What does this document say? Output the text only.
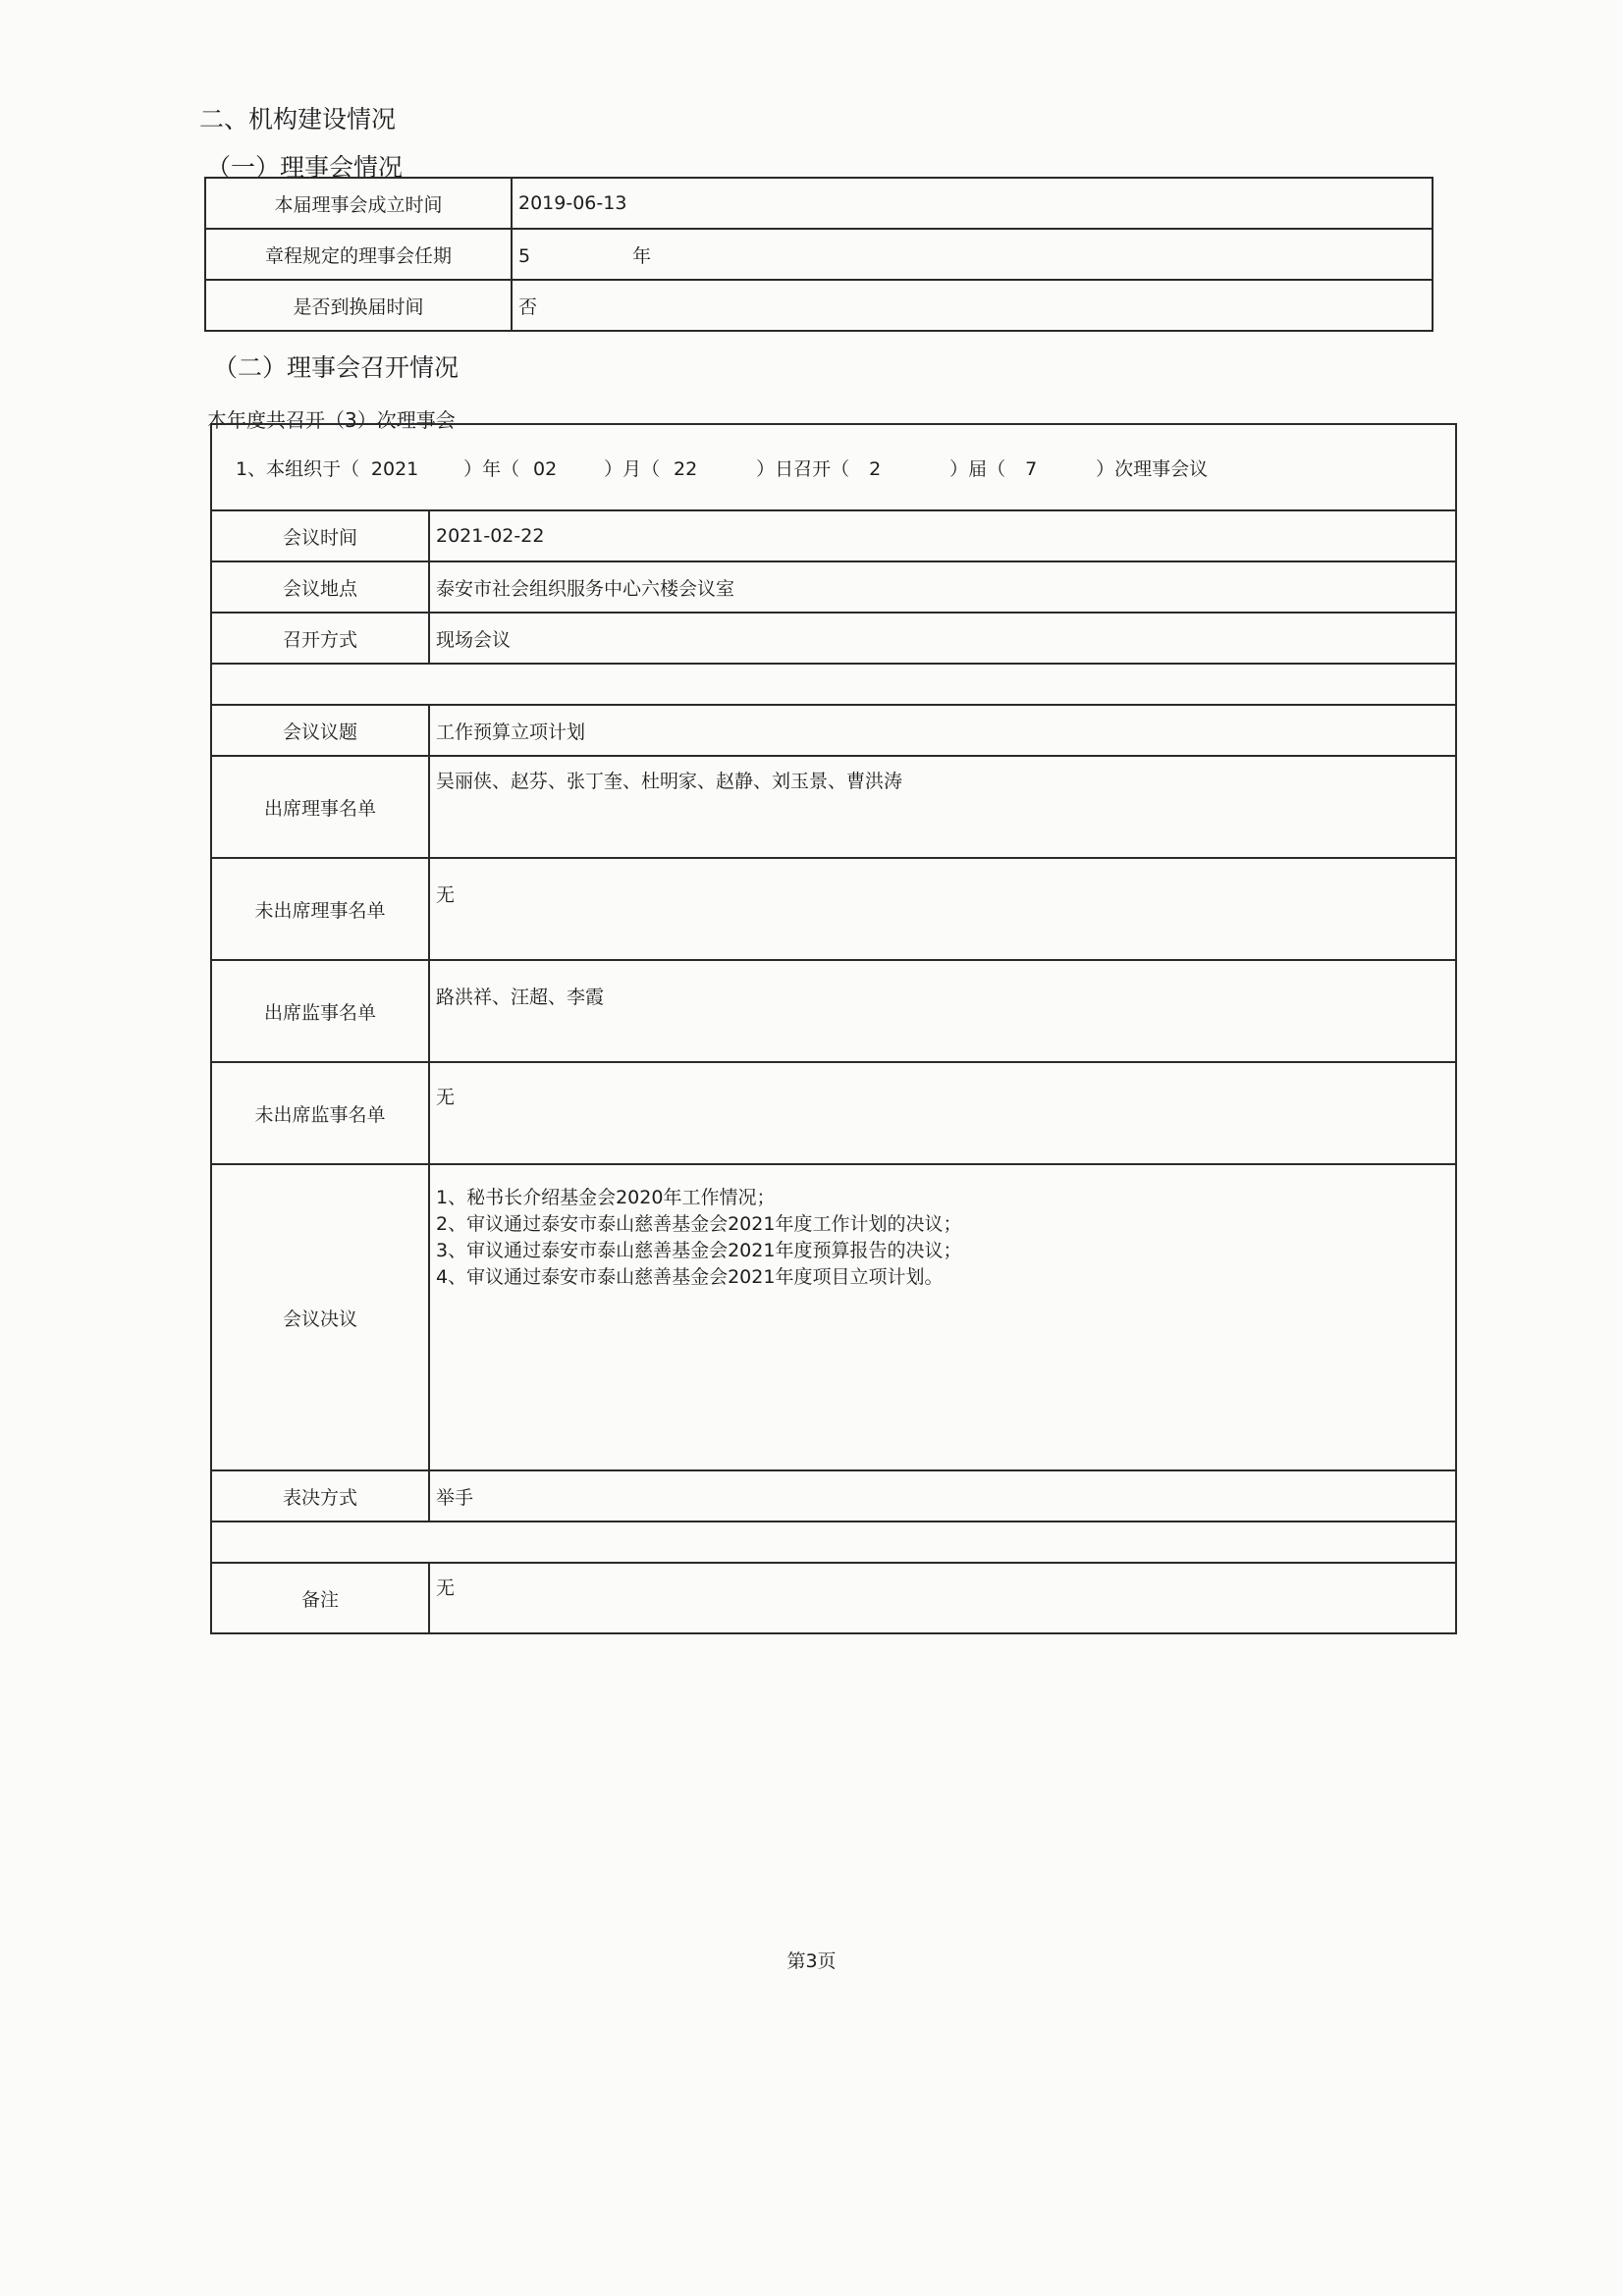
二、机构建设情况
（一）理事会情况
本届理事会成立时间	2019-06-13
章程规定的理事会任期	5 年
是否到换届时间	否
（二）理事会召开情况
本年度共召开（3）次理事会
1、本组织于（ 2021 ）年（ 02 ）月（ 22 ）日召开（ 2 ）届（ 7 ）次理事会议	
会议时间	2021-02-22
会议地点	泰安市社会组织服务中心六楼会议室
召开方式	现场会议

会议议题	工作预算立项计划
出席理事名单	吴丽侠、赵芬、张丁奎、杜明家、赵静、刘玉景、曹洪涛
未出席理事名单	无
出席监事名单	路洪祥、汪超、李霞
未出席监事名单	无
会议决议	1、秘书长介绍基金会2020年工作情况；
2、审议通过泰安市泰山慈善基金会2021年度工作计划的决议；
3、审议通过泰安市泰山慈善基金会2021年度预算报告的决议；
4、审议通过泰安市泰山慈善基金会2021年度项目立项计划。

表决方式	举手

备注	无
第3页
